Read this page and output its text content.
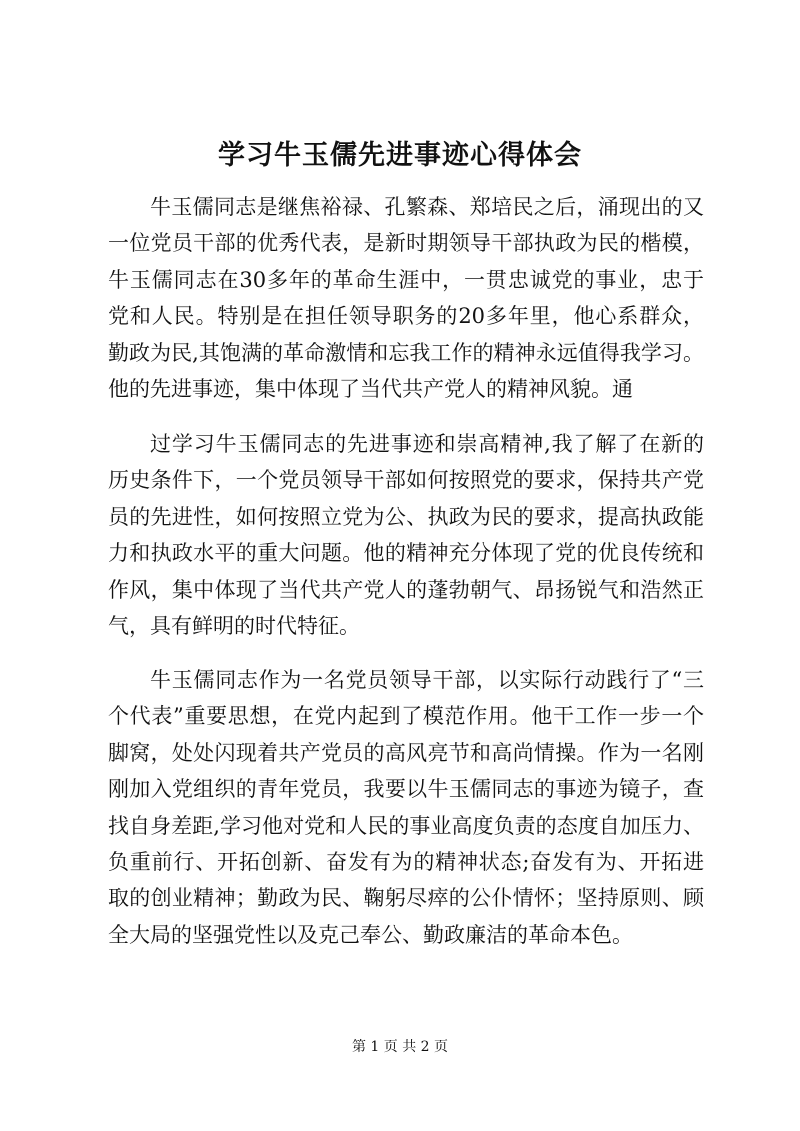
学习牛玉儒先进事迹心得体会
牛玉儒同志是继焦裕禄、孔繁森、郑培民之后，涌现出的又
一位党员干部的优秀代表，是新时期领导干部执政为民的楷模，
牛玉儒同志在30多年的革命生涯中，一贯忠诚党的事业，忠于
党和人民。特别是在担任领导职务的20多年里，他心系群众，
勤政为民,其饱满的革命激情和忘我工作的精神永远值得我学习。
他的先进事迹，集中体现了当代共产党人的精神风貌。通
过学习牛玉儒同志的先进事迹和崇高精神,我了解了在新的
历史条件下，一个党员领导干部如何按照党的要求，保持共产党
员的先进性，如何按照立党为公、执政为民的要求，提高执政能
力和执政水平的重大问题。他的精神充分体现了党的优良传统和
作风，集中体现了当代共产党人的蓬勃朝气、昂扬锐气和浩然正
气，具有鲜明的时代特征。
牛玉儒同志作为一名党员领导干部，以实际行动践行了“三
个代表”重要思想，在党内起到了模范作用。他干工作一步一个
脚窝，处处闪现着共产党员的高风亮节和高尚情操。作为一名刚
刚加入党组织的青年党员，我要以牛玉儒同志的事迹为镜子，查
找自身差距,学习他对党和人民的事业高度负责的态度自加压力、
负重前行、开拓创新、奋发有为的精神状态;奋发有为、开拓进
取的创业精神；勤政为民、鞠躬尽瘁的公仆情怀；坚持原则、顾
全大局的坚强党性以及克己奉公、勤政廉洁的革命本色。
第 1 页 共 2 页
